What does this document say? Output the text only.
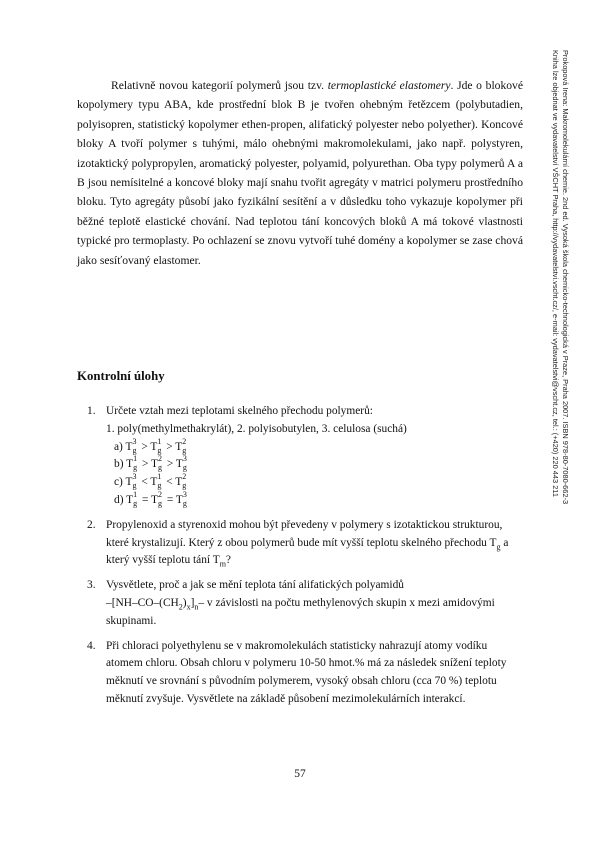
Relativně novou kategorií polymerů jsou tzv. termoplastické elastomery. Jde o blokové kopolymery typu ABA, kde prostřední blok B je tvořen ohebným řetězcem (polybutadien, polyisopren, statistický kopolymer ethen-propen, alifatický polyester nebo polyether). Koncové bloky A tvoří polymer s tuhými, málo ohebnými makromolekulami, jako např. polystyren, izotaktický polypropylen, aromatický polyester, polyamid, polyurethan. Oba typy polymerů A a B jsou nemísitelné a koncové bloky mají snahu tvořit agregáty v matrici polymeru prostředního bloku. Tyto agregáty působí jako fyzikální sesítění a v důsledku toho vykazuje kopolymer při běžné teplotě elastické chování. Nad teplotou tání koncových bloků A má tokové vlastnosti typické pro termoplasty. Po ochlazení se znovu vytvoří tuhé domény a kopolymer se zase chová jako sesíťovaný elastomer.

Kontrolní úlohy
1. Určete vztah mezi teplotami skelného přechodu polymerů:
1. poly(methylmethakrylát), 2. polyisobutylen, 3. celulosa (suchá)
a) T 3
g > T 1
g > T 2
g
b) T 1
g > T 2
g > T 3
g
c) T 3
g < T 1
g < T 2
g
d) T 1
g = T 2
g = T 3
g
2. Propylenoxid a styrenoxid mohou být převedeny v polymery s izotaktickou strukturou, které krystalizují. Který z obou polymerů bude mít vyšší teplotu skelného přechodu $T_g$ a který vyšší teplotu tání $T_m$?
3. Vysvětlete, proč a jak se mění teplota tání alifatických polyamidů
$-[NH-CO-(CH_2)_x]_n-$ v závislosti na počtu methylenových skupin x mezi amidovými skupinami.
4. Při chloraci polyethylenu se v makromolekulách statisticky nahrazují atomy vodíku atomem chloru. Obsah chloru v polymeru 10-50 hmot.% má za následek snížení teploty měknutí ve srovnání s původním polymerem, vysoký obsah chloru (cca 70 %) teplotu měknutí zvyšuje. Vysvětlete na základě působení mezimolekulárních interakcí.
Prokopová Irena: Makromolekulární chemie. 2nd ed. Vysoká škola chemicko-technologická v Praze, Praha 2007. ISBN 978-80-7080-662-3
Kniha lze objednat ve vydavatelství VŠCHT Praha, http://vydavatelstvi.vscht.cz/, e-mail: vydavatelstvi@vscht.cz, tel.: (+420) 220 443 211
57
